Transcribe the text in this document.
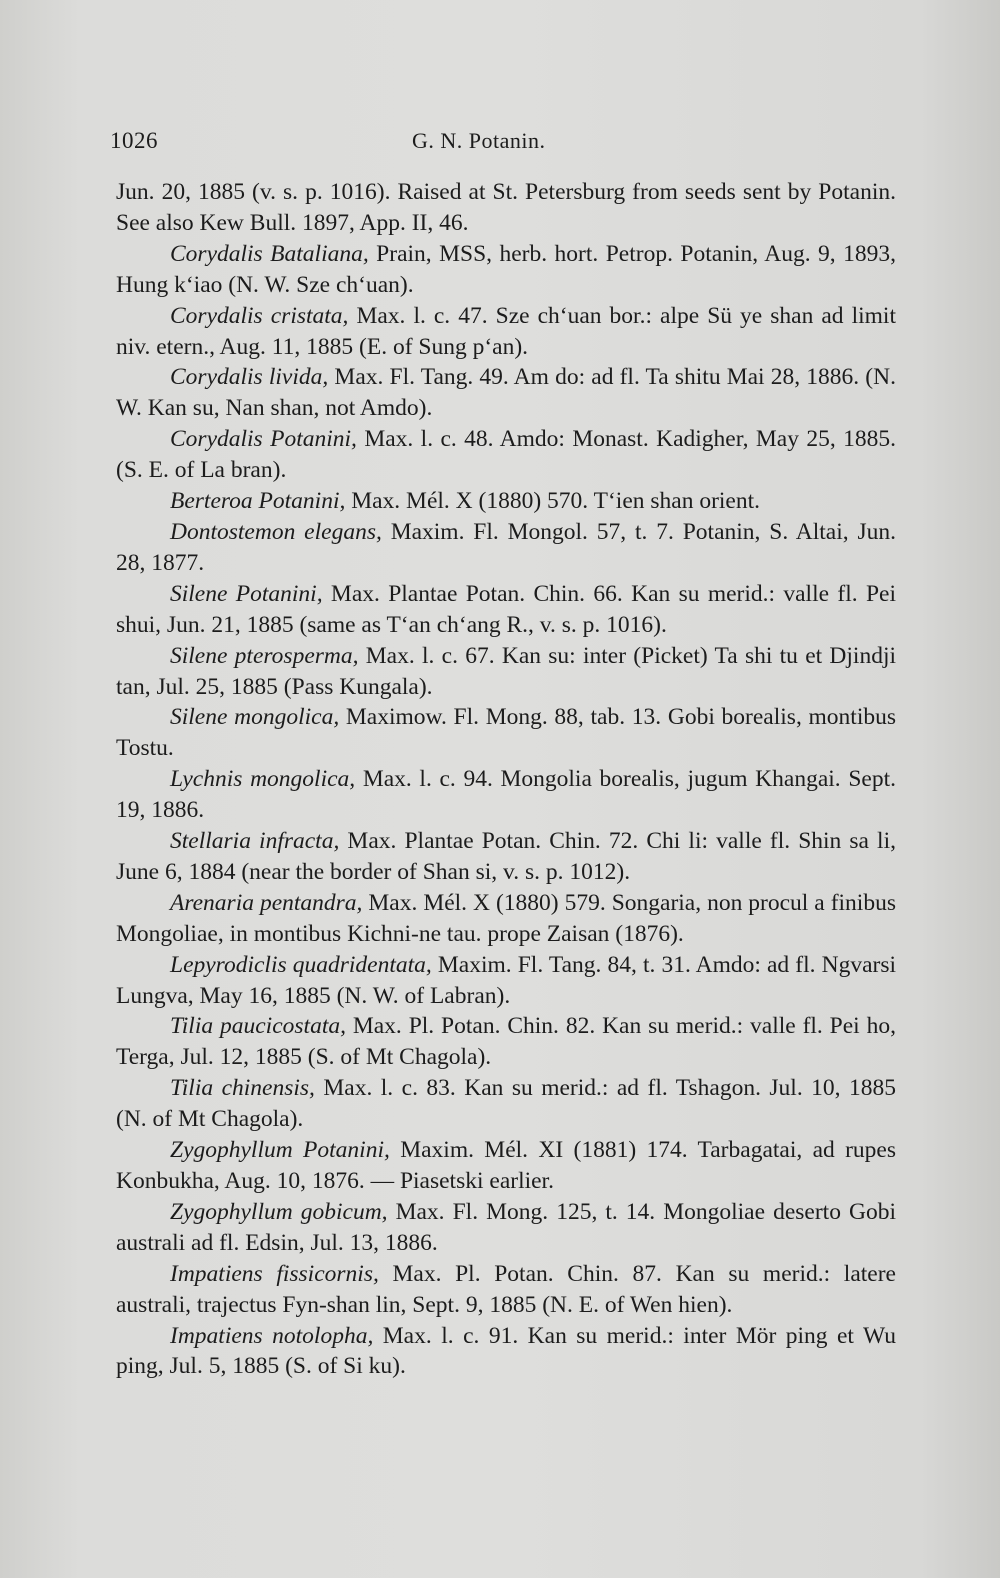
1026	G. N. Potanin.

Jun. 20, 1885 (v. s. p. 1016). Raised at St. Petersburg from seeds sent by Potanin. See also Kew Bull. 1897, App. II, 46.

Corydalis Bataliana, Prain, MSS, herb. hort. Petrop. Potanin, Aug. 9, 1893, Hung kʻiao (N. W. Sze chʻuan).

Corydalis cristata, Max. l. c. 47. Sze chʻuan bor.: alpe Sü ye shan ad limit niv. etern., Aug. 11, 1885 (E. of Sung pʻan).

Corydalis livida, Max. Fl. Tang. 49. Am do: ad fl. Ta shitu Mai 28, 1886. (N. W. Kan su, Nan shan, not Amdo).

Corydalis Potanini, Max. l. c. 48. Amdo: Monast. Kadigher, May 25, 1885. (S. E. of La bran).

Berteroa Potanini, Max. Mél. X (1880) 570. Tʻien shan orient.

Dontostemon elegans, Maxim. Fl. Mongol. 57, t. 7. Potanin, S. Altai, Jun. 28, 1877.

Silene Potanini, Max. Plantae Potan. Chin. 66. Kan su merid.: valle fl. Pei shui, Jun. 21, 1885 (same as Tʻan chʻang R., v. s. p. 1016).

Silene pterosperma, Max. l. c. 67. Kan su: inter (Picket) Ta shi tu et Djindji tan, Jul. 25, 1885 (Pass Kungala).

Silene mongolica, Maximow. Fl. Mong. 88, tab. 13. Gobi borealis, montibus Tostu.

Lychnis mongolica, Max. l. c. 94. Mongolia borealis, jugum Khangai. Sept. 19, 1886.

Stellaria infracta, Max. Plantae Potan. Chin. 72. Chi li: valle fl. Shin sa li, June 6, 1884 (near the border of Shan si, v. s. p. 1012).

Arenaria pentandra, Max. Mél. X (1880) 579. Songaria, non procul a finibus Mongoliae, in montibus Kichni-ne tau. prope Zaisan (1876).

Lepyrodiclis quadridentata, Maxim. Fl. Tang. 84, t. 31. Amdo: ad fl. Ngvarsi Lungva, May 16, 1885 (N. W. of Labran).

Tilia paucicostata, Max. Pl. Potan. Chin. 82. Kan su merid.: valle fl. Pei ho, Terga, Jul. 12, 1885 (S. of Mt Chagola).

Tilia chinensis, Max. l. c. 83. Kan su merid.: ad fl. Tshagon. Jul. 10, 1885 (N. of Mt Chagola).

Zygophyllum Potanini, Maxim. Mél. XI (1881) 174. Tarbagatai, ad rupes Konbukha, Aug. 10, 1876. — Piasetski earlier.

Zygophyllum gobicum, Max. Fl. Mong. 125, t. 14. Mongoliae deserto Gobi australi ad fl. Edsin, Jul. 13, 1886.

Impatiens fissicornis, Max. Pl. Potan. Chin. 87. Kan su merid.: latere australi, trajectus Fyn-shan lin, Sept. 9, 1885 (N. E. of Wen hien).

Impatiens notolopha, Max. l. c. 91. Kan su merid.: inter Mör ping et Wu ping, Jul. 5, 1885 (S. of Si ku).
